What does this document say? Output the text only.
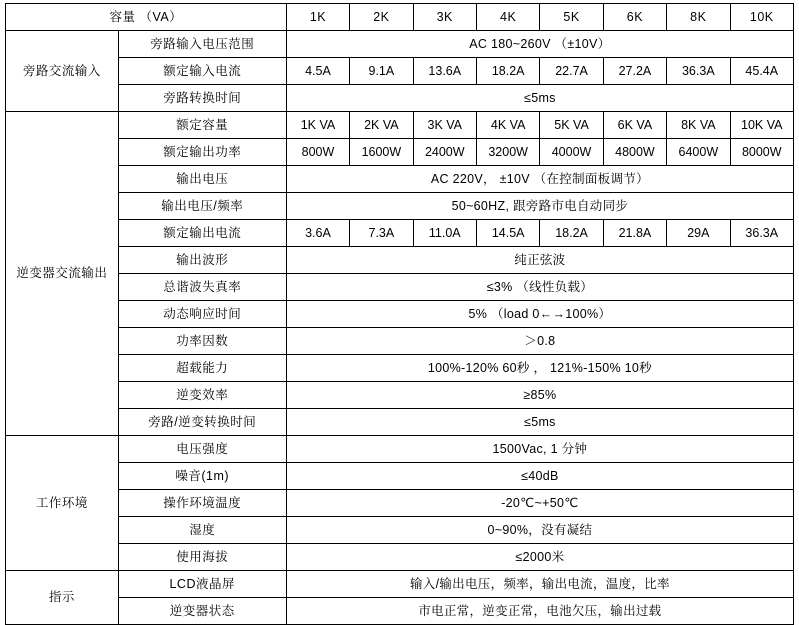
容量 （VA）		1K	2K	3K	4K	5K	6K	8K	10K
旁路交流输入	旁路输入电压范围	AC 180~260V （±10V）							
	额定输入电流	4.5A	9.1A	13.6A	18.2A	22.7A	27.2A	36.3A	45.4A
	旁路转换时间	≤5ms							
逆变器交流输出	额定容量	1K VA	2K VA	3K VA	4K VA	5K VA	6K VA	8K VA	10K VA
	额定输出功率	800W	1600W	2400W	3200W	4000W	4800W	6400W	8000W
	输出电压	AC 220V， ±10V （在控制面板调节）							
	输出电压/频率	50~60HZ, 跟旁路市电自动同步							
	额定输出电流	3.6A	7.3A	11.0A	14.5A	18.2A	21.8A	29A	36.3A
	输出波形	纯正弦波							
	总谐波失真率	≤3% （线性负载）							
	动态响应时间	5% （load 0←→100%）							
	功率因数	＞0.8							
	超载能力	100%-120% 60秒 ， 121%-150% 10秒							
	逆变效率	≥85%							
	旁路/逆变转换时间	≤5ms							
工作环境	电压强度	1500Vac, 1 分钟							
	噪音(1m)	≤40dB							
	操作环境温度	-20℃~+50℃							
	湿度	0~90%，没有凝结							
	使用海拔	≤2000米							
指示	LCD液晶屏	输入/输出电压，频率，输出电流，温度，比率							
	逆变器状态	市电正常，逆变正常，电池欠压，输出过载							
